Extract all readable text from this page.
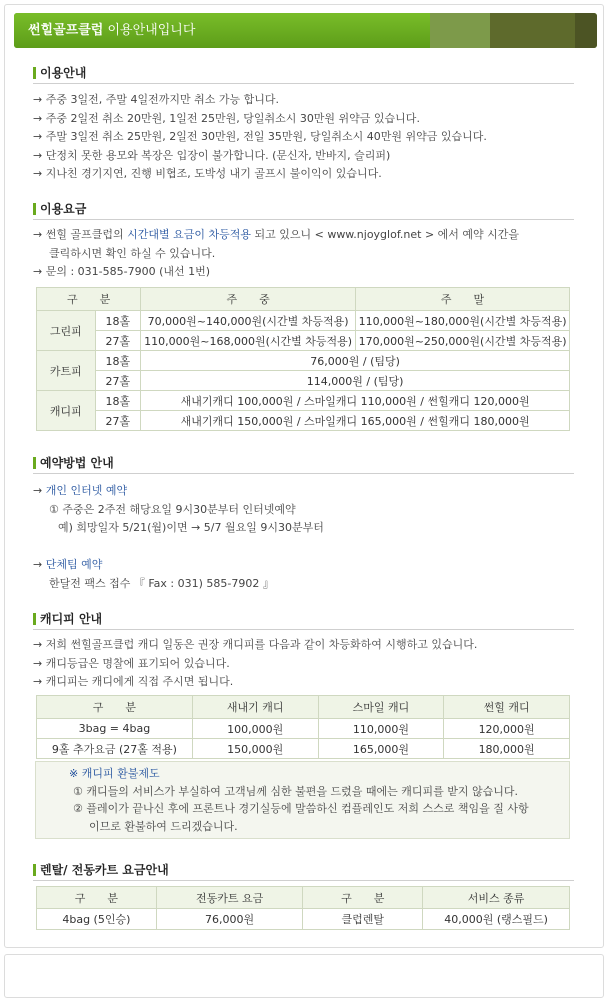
썬힐골프클럽 이용안내입니다
이용안내
→ 주중 3일전, 주말 4일전까지만 취소 가능 합니다.
→ 주중 2일전 취소 20만원, 1일전 25만원, 당일취소시 30만원 위약금 있습니다.
→ 주말 3일전 취소 25만원, 2일전 30만원, 전일 35만원, 당일취소시 40만원 위약금 있습니다.
→ 단정치 못한 용모와 복장은 입장이 불가합니다. (문신자, 반바지, 슬리퍼)
→ 지나친 경기지연, 진행 비협조, 도박성 내기 골프시 불이익이 있습니다.
이용요금
→ 썬힐 골프클럽의 시간대별 요금이 차등적용 되고 있으니 < www.njoyglof.net > 에서 예약 시간을
클릭하시면 확인 하실 수 있습니다.
→ 문의 : 031-585-7900 (내선 1번)
구　　분		주　　중	주　　말
그린피	18홀	70,000원~140,000원(시간별 차등적용)	110,000원~180,000원(시간별 차등적용)
	27홀	110,000원~168,000원(시간별 차등적용)	170,000원~250,000원(시간별 차등적용)
카트피	18홀	76,000원 / (팀당)	
	27홀	114,000원 / (팀당)	
캐디피	18홀	새내기캐디 100,000원 / 스마일캐디 110,000원 / 썬힐캐디 120,000원	
	27홀	새내기캐디 150,000원 / 스마일캐디 165,000원 / 썬힐캐디 180,000원	
예약방법 안내
→ 개인 인터넷 예약
① 주중은 2주전 해당요일 9시30분부터 인터넷예약
예) 희망일자 5/21(월)이면 → 5/7 월요일 9시30분부터
→ 단체팀 예약
한달전 팩스 접수 『 Fax : 031) 585-7902 』
캐디피 안내
→ 저희 썬힐골프클럽 캐디 일동은 권장 캐디피를 다음과 같이 차등화하여 시행하고 있습니다.
→ 캐디등급은 명찰에 표기되어 있습니다.
→ 캐디피는 캐디에게 직접 주시면 됩니다.
구　　분	새내기 캐디	스마일 캐디	썬힐 캐디
3bag = 4bag	100,000원	110,000원	120,000원
9홀 추가요금 (27홀 적용)	150,000원	165,000원	180,000원
※ 캐디피 환불제도
① 캐디들의 서비스가 부실하여 고객님께 심한 불편을 드렸을 때에는 캐디피를 받지 않습니다.
② 플레이가 끝나신 후에 프론트나 경기실등에 말씀하신 컴플레인도 저희 스스로 책임을 질 사항
이므로 환불하여 드리겠습니다.
렌탈/ 전동카트 요금안내
구　　분	전동카트 요금	구　　분	서비스 종류
4bag (5인승)	76,000원	클럽렌탈	40,000원 (랭스필드)
